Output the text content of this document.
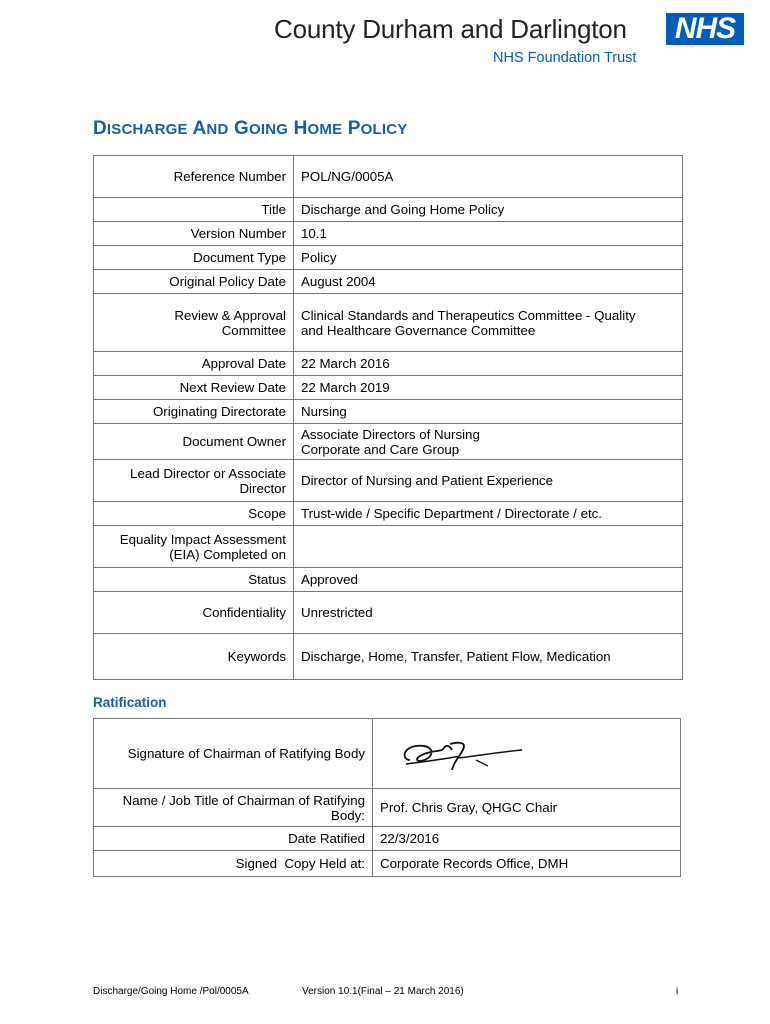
County Durham and Darlington
NHS Foundation Trust
NHS
DISCHARGE AND GOING HOME POLICY
Reference Number	POL/NG/0005A
Title	Discharge and Going Home Policy
Version Number	10.1
Document Type	Policy
Original Policy Date	August 2004
Review & Approval
Committee	Clinical Standards and Therapeutics Committee - Quality
and Healthcare Governance Committee
Approval Date	22 March 2016
Next Review Date	22 March 2019
Originating Directorate	Nursing
Document Owner	Associate Directors of Nursing
Corporate and Care Group
Lead Director or Associate
Director	Director of Nursing and Patient Experience
Scope	Trust-wide / Specific Department / Directorate / etc.
Equality Impact Assessment
(EIA) Completed on	
Status	Approved
Confidentiality	Unrestricted
Keywords	Discharge, Home, Transfer, Patient Flow, Medication
Ratification
Signature of Chairman of Ratifying Body	
Name / Job Title of Chairman of Ratifying
Body:	Prof. Chris Gray, QHGC Chair
Date Ratified	22/3/2016
Signed  Copy Held at:	Corporate Records Office, DMH
Discharge/Going Home /Pol/0005A	Version 10.1(Final – 21 March 2016)	i
